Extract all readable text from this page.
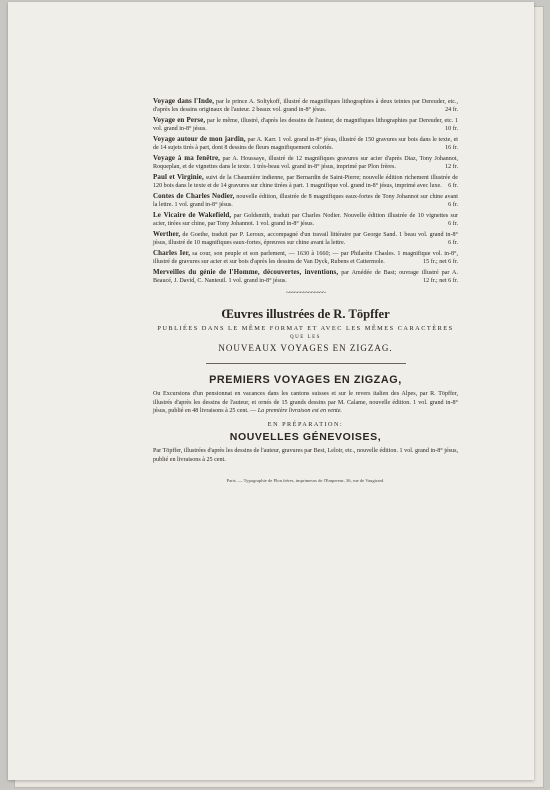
Voyage dans l'Inde, par le prince A. Soltykoff, illustré de magnifiques lithographies à deux teintes par Dereuder, etc., d'après les dessins originaux de l'auteur. 2 beaux vol. grand in-8° jésus.	24 fr.
Voyage en Perse, par le même, illustré, d'après les dessins de l'auteur, de magnifiques lithographies par Dereuder, etc. 1 vol. grand in-8° jésus.	10 fr.
Voyage autour de mon jardin, par A. Karr. 1 vol. grand in-8° jésus, illustré de 150 gravures sur bois dans le texte, et de 14 sujets tirés à part, dont 8 dessins de fleurs magnifiquement coloriés.	16 fr.
Voyage à ma fenêtre, par A. Houssaye, illustré de 12 magnifiques gravures sur acier d'après Diaz, Tony Johannot, Roqueplan, et de vignettes dans le texte. 1 très-beau vol. grand in-8° jésus, imprimé par Plon frères.	12 fr.
Paul et Virginie, suivi de la Chaumière indienne, par Bernardin de Saint-Pierre; nouvelle édition richement illustrée de 120 bois dans le texte et de 14 gravures sur chine tirées à part. 1 magnifique vol. grand in-8° jésus, imprimé avec luxe. 6 fr.
Contes de Charles Nodier, nouvelle édition, illustrée de 8 magnifiques eaux-fortes de Tony Johannot sur chine avant la lettre. 1 vol. grand in-8° jésus.	6 fr.
Le Vicaire de Wakefield, par Goldsmith, traduit par Charles Nodier. Nouvelle édition illustrée de 10 vignettes sur acier, tirées sur chine, par Tony Johannot. 1 vol. grand in-8° jésus.	6 fr.
Werther, de Goethe, traduit par P. Leroux, accompagné d'un travail littéraire par George Sand. 1 beau vol. grand in-8° jésus, illustré de 10 magnifiques eaux-fortes, épreuves sur chine avant la lettre.	6 fr.
Charles Ier, sa cour, son peuple et son parlement, — 1630 à 1660; — par Philarète Chasles. 1 magnifique vol. in-8°, illustré de gravures sur acier et sur bois d'après les dessins de Van Dyck, Rubens et Cattermole.	15 fr.; net 6 fr.
Merveilles du génie de l'Homme, découvertes, inventions, par Amédée de Bast; ouvrage illustré par A. Beaucé, J. David, C. Nanteuil. 1 vol. grand in-8° jésus.	12 fr.; net 6 fr.
~~~~~~~~~~~~~~
Œuvres illustrées de R. Töpffer
PUBLIÉES DANS LE MÊME FORMAT ET AVEC LES MÊMES CARACTÈRES
QUE LES
NOUVEAUX VOYAGES EN ZIGZAG.
PREMIERS VOYAGES EN ZIGZAG,
Ou Excursions d'un pensionnat en vacances dans les cantons suisses et sur le revers italien des Alpes, par R. Töpffer, illustrés d'après les dessins de l'auteur, et ornés de 15 grands dessins par M. Calame, nouvelle édition. 1 vol. grand in-8° jésus, publié en 48 livraisons à 25 cent. — La première livraison est en vente.
EN PRÉPARATION:
NOUVELLES GÉNEVOISES,
Par Töpffer, illustrées d'après les dessins de l'auteur, gravures par Best, Leloir, etc., nouvelle édition. 1 vol. grand in-8° jésus, publié en livraisons à 25 cent.
Paris. — Typographie de Plon frères, imprimeurs de l'Empereur, 36, rue de Vaugirard.
